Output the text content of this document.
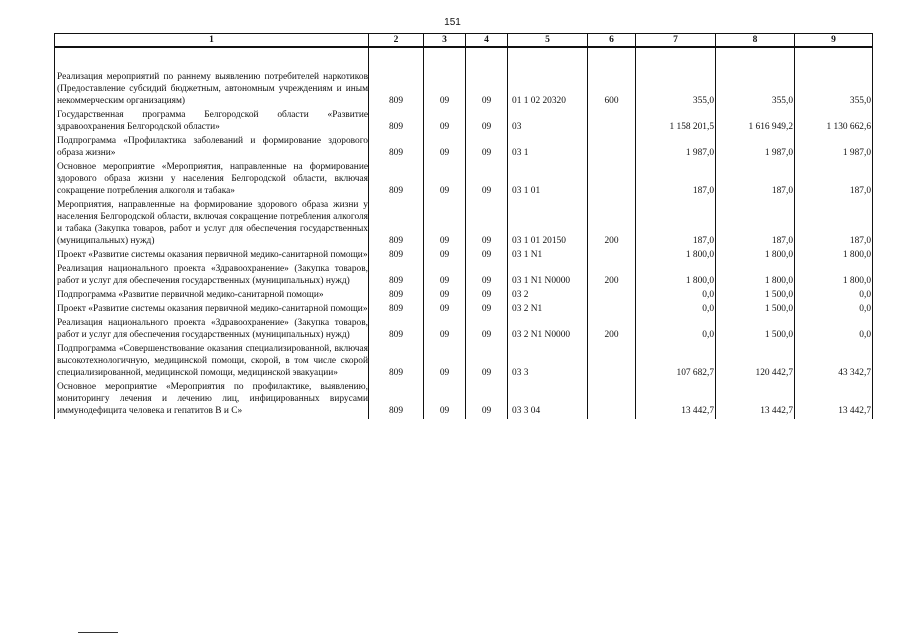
151
1	2	3	4	5	6	7	8	9

Реализация мероприятий по раннему выявлению потребителей наркотиков (Предоставление субсидий бюджетным, автономным учреждениям и иным некоммерческим организациям)	809	09	09	01 1 02 20320	600	355,0	355,0	355,0
Государственная программа Белгородской области «Развитие здравоохранения Белгородской области»	809	09	09	03		1 158 201,5	1 616 949,2	1 130 662,6
Подпрограмма «Профилактика заболеваний и формирование здорового образа жизни»	809	09	09	03 1		1 987,0	1 987,0	1 987,0
Основное мероприятие «Мероприятия, направленные на формирование здорового образа жизни у населения Белгородской области, включая сокращение потребления алкоголя и табака»	809	09	09	03 1 01		187,0	187,0	187,0
Мероприятия, направленные на формирование здорового образа жизни у населения Белгородской области, включая сокращение потребления алкоголя и табака (Закупка товаров, работ и услуг для обеспечения государственных (муниципальных) нужд)	809	09	09	03 1 01 20150	200	187,0	187,0	187,0
Проект «Развитие системы оказания первичной медико-санитарной помощи»	809	09	09	03 1 N1		1 800,0	1 800,0	1 800,0
Реализация национального проекта «Здравоохранение» (Закупка товаров, работ и услуг для обеспечения государственных (муниципальных) нужд)	809	09	09	03 1 N1 N0000	200	1 800,0	1 800,0	1 800,0
Подпрограмма «Развитие первичной медико-санитарной помощи»	809	09	09	03 2		0,0	1 500,0	0,0
Проект «Развитие системы оказания первичной медико-санитарной помощи»	809	09	09	03 2 N1		0,0	1 500,0	0,0
Реализация национального проекта «Здравоохранение» (Закупка товаров, работ и услуг для обеспечения государственных (муниципальных) нужд)	809	09	09	03 2 N1 N0000	200	0,0	1 500,0	0,0
Подпрограмма «Совершенствование оказания специализированной, включая высокотехнологичную, медицинской помощи, скорой, в том числе скорой специализированной, медицинской помощи, медицинской эвакуации»	809	09	09	03 3		107 682,7	120 442,7	43 342,7
Основное мероприятие «Мероприятия по профилактике, выявлению, мониторингу лечения и лечению лиц, инфицированных вирусами иммунодефицита человека и гепатитов В и С»	809	09	09	03 3 04		13 442,7	13 442,7	13 442,7
